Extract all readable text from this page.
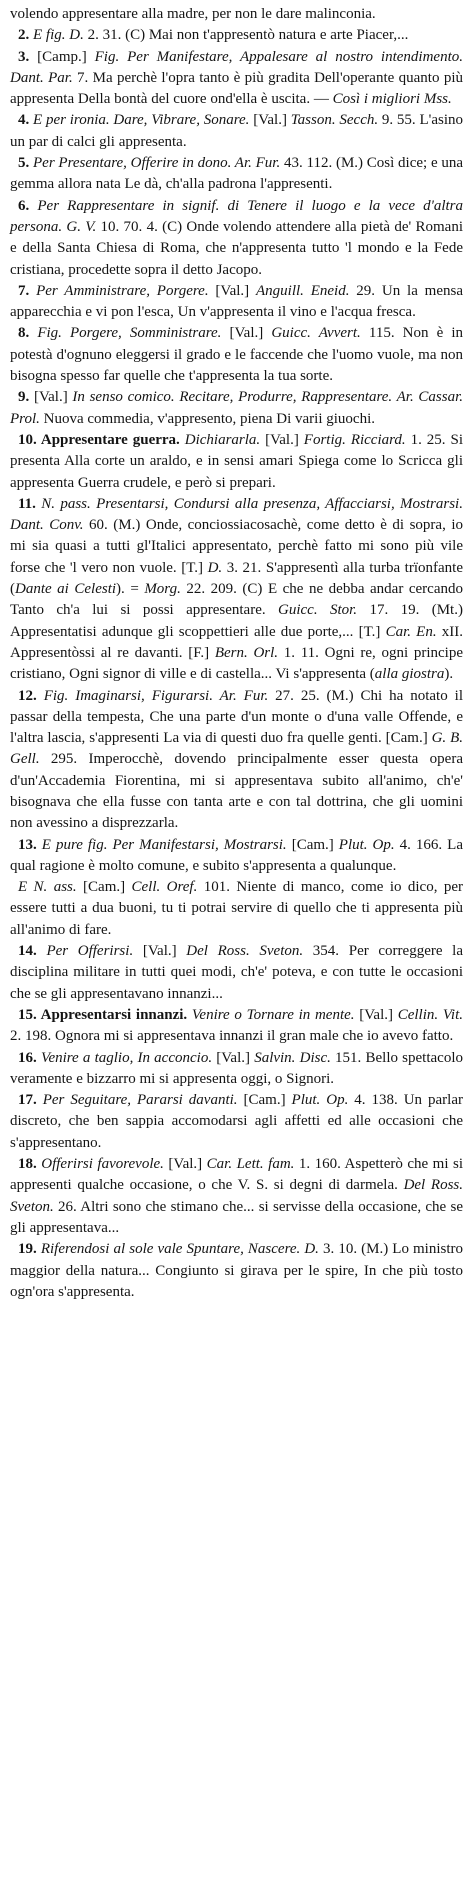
volendo appresentare alla madre, per non le dare malinconia.

2. E fig. D. 2. 31. (C) Mai non t'appresentò natura e arte Piacer,...

3. [Camp.] Fig. Per Manifestare, Appalesare al nostro intendimento. Dant. Par. 7. Ma perchè l'opra tanto è più gradita Dell'operante quanto più appresenta Della bontà del cuore ond'ella è uscita. — Così i migliori Mss.

4. E per ironia. Dare, Vibrare, Sonare. [Val.] Tasson. Secch. 9. 55. L'asino un par di calci gli appresenta.

5. Per Presentare, Offerire in dono. Ar. Fur. 43. 112. (M.) Così dice; e una gemma allora nata Le dà, ch'alla padrona l'appresenti.

6. Per Rappresentare in signif. di Tenere il luogo e la vece d'altra persona. G. V. 10. 70. 4. (C) Onde volendo attendere alla pietà de' Romani e della Santa Chiesa di Roma, che n'appresenta tutto 'l mondo e la Fede cristiana, procedette sopra il detto Jacopo.

7. Per Amministrare, Porgere. [Val.] Anguill. Eneid. 29. Un la mensa apparecchia e vi pon l'esca, Un v'appresenta il vino e l'acqua fresca.

8. Fig. Porgere, Somministrare. [Val.] Guicc. Avvert. 115. Non è in potestà d'ognuno eleggersi il grado e le faccende che l'uomo vuole, ma non bisogna spesso far quelle che t'appresenta la tua sorte.

9. [Val.] In senso comico. Recitare, Produrre, Rappresentare. Ar. Cassar. Prol. Nuova commedia, v'appresento, piena Di varii giuochi.

10. Appresentare guerra. Dichiararla. [Val.] Fortig. Ricciard. 1. 25. Si presenta Alla corte un araldo, e in sensi amari Spiega come lo Scricca gli appresenta Guerra crudele, e però si prepari.

11. N. pass. Presentarsi, Condursi alla presenza, Affacciarsi, Mostrarsi. Dant. Conv. 60. (M.) Onde, conciossiacosachè, come detto è di sopra, io mi sia quasi a tutti gl'Italici appresentato, perchè fatto mi sono più vile forse che 'l vero non vuole. [T.] D. 3. 21. S'appresentì alla turba trïonfante (Dante ai Celesti). = Morg. 22. 209. (C) E che ne debba andar cercando Tanto ch'a lui si possi appresentare. Guicc. Stor. 17. 19. (Mt.) Appresentatisi adunque gli scoppettieri alle due porte,... [T.] Car. En. xII. Appresentòssi al re davanti. [F.] Bern. Orl. 1. 11. Ogni re, ogni principe cristiano, Ogni signor di ville e di castella... Vi s'appresenta (alla giostra).

12. Fig. Imaginarsi, Figurarsi. Ar. Fur. 27. 25. (M.) Chi ha notato il passar della tempesta, Che una parte d'un monte o d'una valle Offende, e l'altra lascia, s'appresenti La via di questi duo fra quelle genti. [Cam.] G. B. Gell. 295. Imperocchè, dovendo principalmente esser questa opera d'un'Accademia Fiorentina, mi si appresentava subito all'animo, ch'e' bisognava che ella fusse con tanta arte e con tal dottrina, che gli uomini non avessino a disprezzarla.

13. E pure fig. Per Manifestarsi, Mostrarsi. [Cam.] Plut. Op. 4. 166. La qual ragione è molto comune, e subito s'appresenta a qualunque.

E N. ass. [Cam.] Cell. Oref. 101. Niente di manco, come io dico, per essere tutti a dua buoni, tu ti potrai servire di quello che ti appresenta più all'animo di fare.

14. Per Offerirsi. [Val.] Del Ross. Sveton. 354. Per correggere la disciplina militare in tutti quei modi, ch'e' poteva, e con tutte le occasioni che se gli appresentavano innanzi...

15. Appresentarsi innanzi. Venire o Tornare in mente. [Val.] Cellin. Vit. 2. 198. Ognora mi si appresentava innanzi il gran male che io avevo fatto.

16. Venire a taglio, In acconcio. [Val.] Salvin. Disc. 151. Bello spettacolo veramente e bizzarro mi si appresenta oggi, o Signori.

17. Per Seguitare, Pararsi davanti. [Cam.] Plut. Op. 4. 138. Un parlar discreto, che ben sappia accomodarsi agli affetti ed alle occasioni che s'appresentano.

18. Offerirsi favorevole. [Val.] Car. Lett. fam. 1. 160. Aspetterò che mi si appresenti qualche occasione, o che V. S. si degni di darmela. Del Ross. Sveton. 26. Altri sono che stimano che... si servisse della occasione, che se gli appresentava...

19. Riferendosi al sole vale Spuntare, Nascere. D. 3. 10. (M.) Lo ministro maggior della natura... Congiunto si girava per le spire, In che più tosto ogn'ora s'appresenta.
